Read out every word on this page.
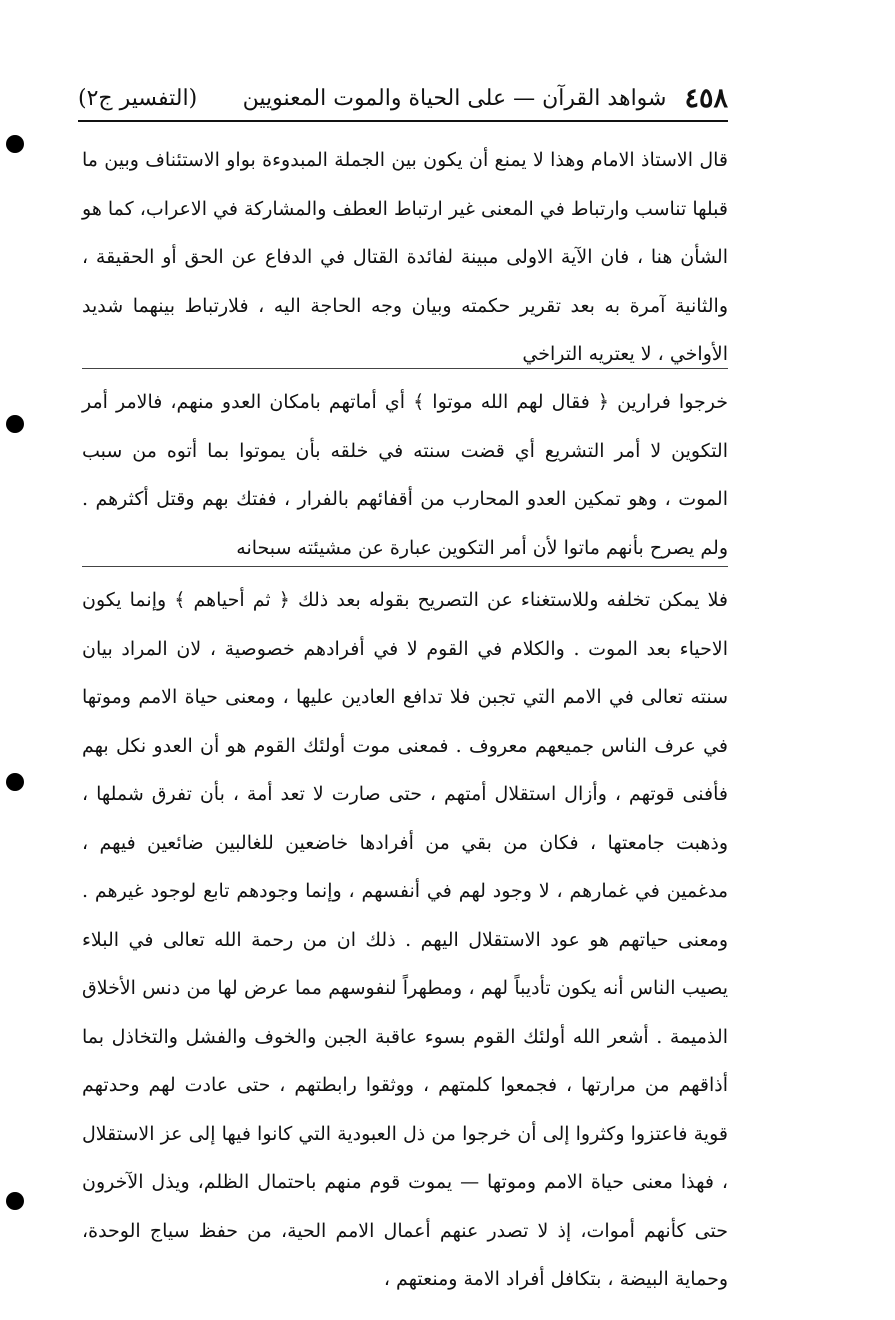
٤٥٨
شواهد القرآن — على الحياة والموت المعنويين
(التفسير ج٢)

قال الاستاذ الامام وهذا لا يمنع أن يكون بين الجملة المبدوءة بواو الاستئناف وبين ما قبلها تناسب وارتباط في المعنى غير ارتباط العطف والمشاركة في الاعراب، كما هو الشأن هنا ، فان الآية الاولى مبينة لفائدة القتال في الدفاع عن الحق أو الحقيقة ، والثانية آمرة به بعد تقرير حكمته وبيان وجه الحاجة اليه ، فلارتباط بينهما شديد الأواخي ، لا يعتريه التراخي

خرجوا فرارين ﴿ فقال لهم الله موتوا ﴾ أي أماتهم بامكان العدو منهم، فالامر أمر التكوين لا أمر التشريع أي قضت سنته في خلقه بأن يموتوا بما أتوه من سبب الموت ، وهو تمكين العدو المحارب من أقفائهم بالفرار ، ففتك بهم وقتل أكثرهم . ولم يصرح بأنهم ماتوا لأن أمر التكوين عبارة عن مشيئته سبحانه

فلا يمكن تخلفه وللاستغناء عن التصريح بقوله بعد ذلك ﴿ ثم أحياهم ﴾ وإنما يكون الاحياء بعد الموت . والكلام في القوم لا في أفرادهم خصوصية ، لان المراد بيان سنته تعالى في الامم التي تجبن فلا تدافع العادين عليها ، ومعنى حياة الامم وموتها في عرف الناس جميعهم معروف . فمعنى موت أولئك القوم هو أن العدو نكل بهم فأفنى قوتهم ، وأزال استقلال أمتهم ، حتى صارت لا تعد أمة ، بأن تفرق شملها ، وذهبت جامعتها ، فكان من بقي من أفرادها خاضعين للغالبين ضائعين فيهم ، مدغمين في غمارهم ، لا وجود لهم في أنفسهم ، وإنما وجودهم تابع لوجود غيرهم . ومعنى حياتهم هو عود الاستقلال اليهم . ذلك ان من رحمة الله تعالى في البلاء يصيب الناس أنه يكون تأديباً لهم ، ومطهراً لنفوسهم مما عرض لها من دنس الأخلاق الذميمة . أشعر الله أولئك القوم بسوء عاقبة الجبن والخوف والفشل والتخاذل بما أذاقهم من مرارتها ، فجمعوا كلمتهم ، ووثقوا رابطتهم ، حتى عادت لهم وحدتهم قوية فاعتزوا وكثروا إلى أن خرجوا من ذل العبودية التي كانوا فيها إلى عز الاستقلال ، فهذا معنى حياة الامم وموتها — يموت قوم منهم باحتمال الظلم، ويذل الآخرون حتى كأنهم أموات، إذ لا تصدر عنهم أعمال الامم الحية، من حفظ سياج الوحدة، وحماية البيضة ، بتكافل أفراد الامة ومنعتهم ،
